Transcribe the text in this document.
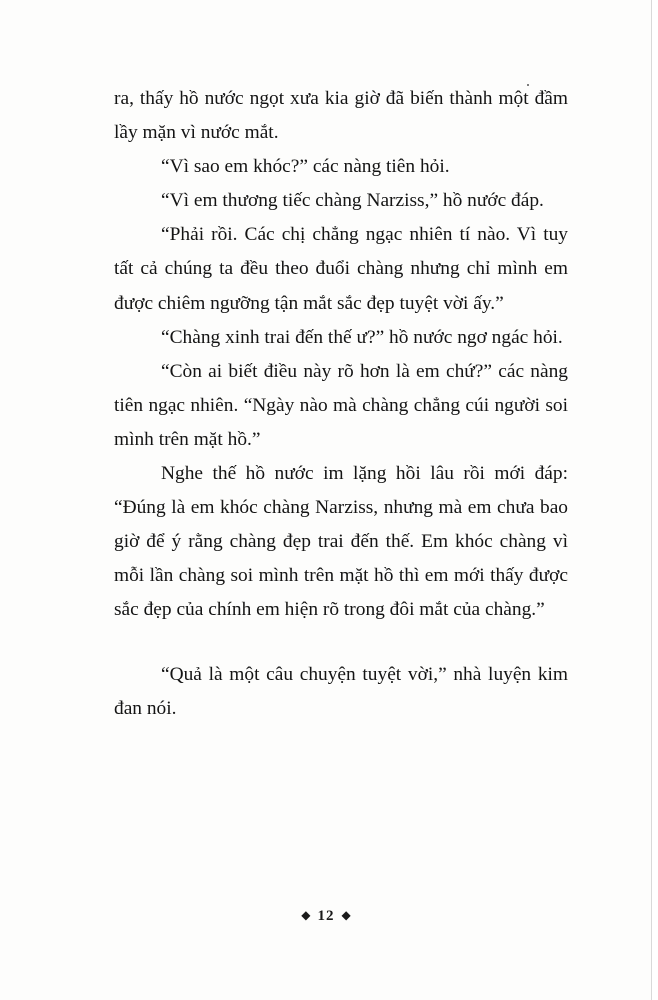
ra, thấy hồ nước ngọt xưa kia giờ đã biến thành một đầm lầy mặn vì nước mắt.

“Vì sao em khóc?” các nàng tiên hỏi.

“Vì em thương tiếc chàng Narziss,” hồ nước đáp.

“Phải rồi. Các chị chẳng ngạc nhiên tí nào. Vì tuy tất cả chúng ta đều theo đuổi chàng nhưng chỉ mình em được chiêm ngưỡng tận mắt sắc đẹp tuyệt vời ấy.”

“Chàng xinh trai đến thế ư?” hồ nước ngơ ngác hỏi.

“Còn ai biết điều này rõ hơn là em chứ?” các nàng tiên ngạc nhiên. “Ngày nào mà chàng chẳng cúi người soi mình trên mặt hồ.”

Nghe thế hồ nước im lặng hồi lâu rồi mới đáp: “Đúng là em khóc chàng Narziss, nhưng mà em chưa bao giờ để ý rằng chàng đẹp trai đến thế. Em khóc chàng vì mỗi lần chàng soi mình trên mặt hồ thì em mới thấy được sắc đẹp của chính em hiện rõ trong đôi mắt của chàng.”

“Quả là một câu chuyện tuyệt vời,” nhà luyện kim đan nói.

◆ 12 ◆
